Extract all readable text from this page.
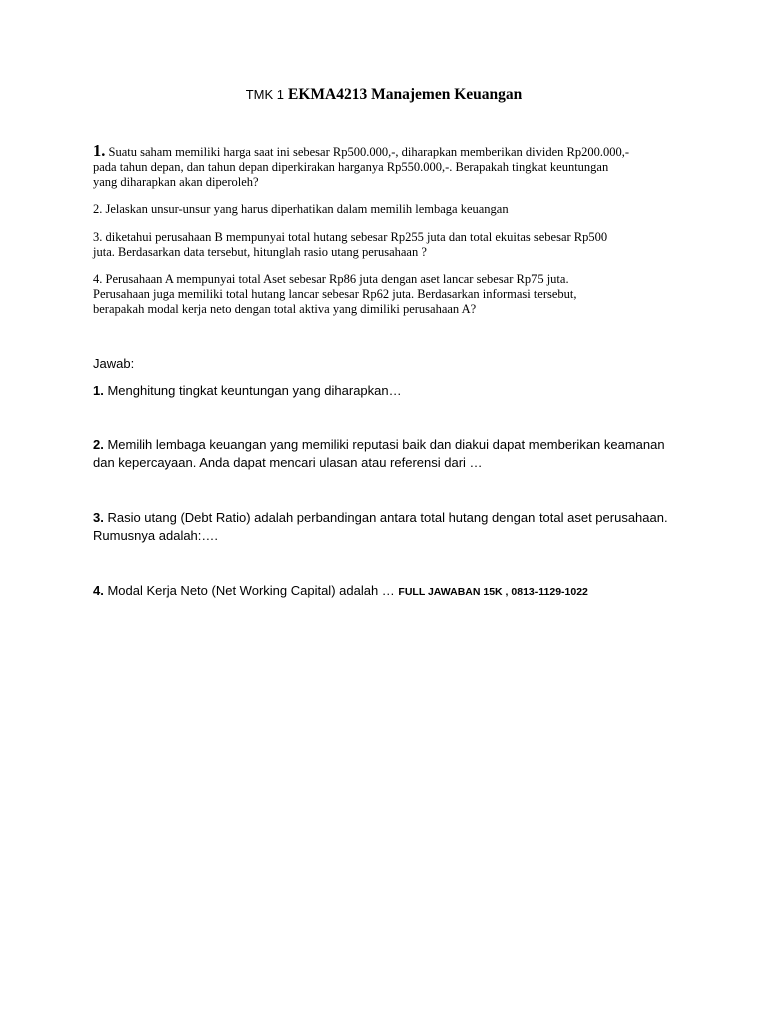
TMK 1 EKMA4213 Manajemen Keuangan
1. Suatu saham memiliki harga saat ini sebesar Rp500.000,-, diharapkan memberikan dividen Rp200.000,-
pada tahun depan, dan tahun depan diperkirakan harganya Rp550.000,-. Berapakah tingkat keuntungan
yang diharapkan akan diperoleh?
2. Jelaskan unsur-unsur yang harus diperhatikan dalam memilih lembaga keuangan
3. diketahui perusahaan B mempunyai total hutang sebesar Rp255 juta dan total ekuitas sebesar Rp500
juta. Berdasarkan data tersebut, hitunglah rasio utang perusahaan ?
4. Perusahaan A mempunyai total Aset sebesar Rp86 juta dengan aset lancar sebesar Rp75 juta.
Perusahaan juga memiliki total hutang lancar sebesar Rp62 juta. Berdasarkan informasi tersebut,
berapakah modal kerja neto dengan total aktiva yang dimiliki perusahaan A?
Jawab:
1. Menghitung tingkat keuntungan yang diharapkan…
2. Memilih lembaga keuangan yang memiliki reputasi baik dan diakui dapat memberikan keamanan
dan kepercayaan. Anda dapat mencari ulasan atau referensi dari …
3. Rasio utang (Debt Ratio) adalah perbandingan antara total hutang dengan total aset perusahaan.
Rumusnya adalah:….
4. Modal Kerja Neto (Net Working Capital) adalah … FULL JAWABAN 15K , 0813-1129-1022
